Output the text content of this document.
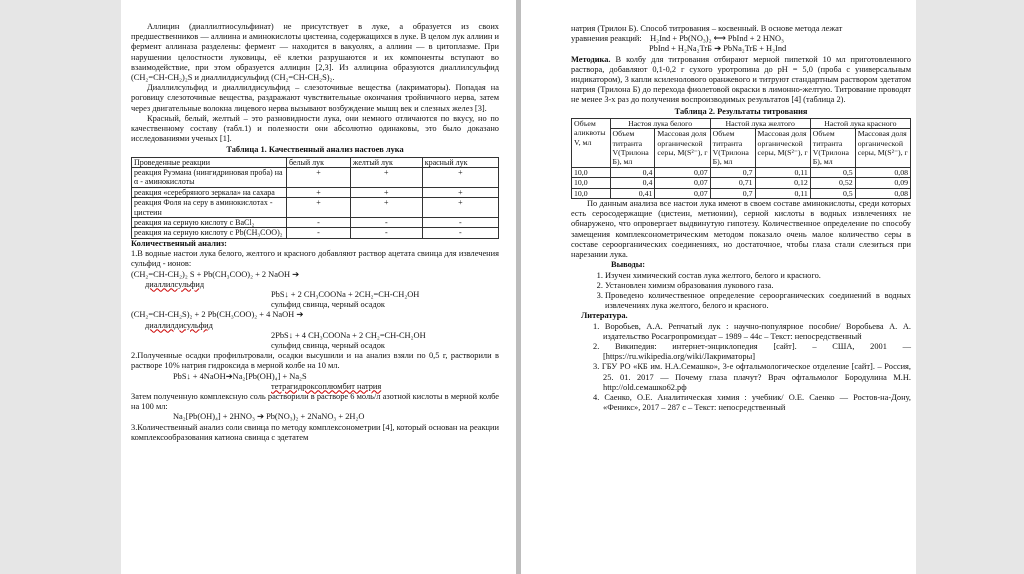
Аллицин (диаллилтиосульфинат) не присутствует в луке, а образуется из своих предшественников — аллиина и аминокислоты цистеина, содержащихся в луке. В целом лук аллиин и фермент аллиназа разделены: фермент — находится в вакуолях, а аллиин — в цитоплазме. При нарушении целостности луковицы, её клетки разрушаются и их компоненты вступают во взаимодействие, при этом образуется аллицин [2,3]. Из аллицина образуются диаллилсульфид (CH₂=CH-CH₂)₂S и диаллилдисульфид (CH₂=CH-CH₂S)₂.

Диаллилсульфид и диаллилдисульфид – слезоточивые вещества (лакриматоры). Попадая на роговицу слезоточивые вещества, раздражают чувствительные окончания тройничного нерва, затем через двигательные волокна лицевого нерва вызывают возбуждение мышц век и слезных желез [3].

Красный, белый, желтый – это разновидности лука, они немного отличаются по вкусу, но по качественному составу (табл.1) и полезности они абсолютно одинаковы, это было доказано исследованиями ученых [1].

Таблица 1. Качественный анализ настоев лука
Проведенные реакции	белый лук	желтый лук	красный лук
реакция Руэмана (нингидриновая проба) на α - аминокислоты	+	+	+
реакция «серебряного зеркала» на сахара	+	+	+
реакция Фоля на серу в аминокислотах - цистеин	+	+	+
реакция на серную кислоту с BaCl₂	-	-	-
реакция на серную кислоту с Pb(CH₃COO)₂	-	-	-

Количественный анализ:

1.В водные настои лука белого, желтого и красного добавляют раствор ацетата свинца для извлечения сульфид - ионов:

(CH₂=CH-CH₂)₂ S + Pb(CH₃COO)₂ + 2 NaOH ➔

диаллилсульфид

PbS↓ + 2 CH₃COONa + 2CH₂=CH-CH₂OH

сульфид свинца, черный осадок

(CH₂=CH-CH₂S)₂ + 2 Pb(CH₃COO)₂ + 4 NaOH ➔

диаллилдисульфид

2PbS↓ + 4 CH₃COONa + 2 CH₂=CH-CH₂OH

сульфид свинца, черный осадок

2.Полученные осадки профильтровали, осадки высушили и на анализ взяли по 0,5 г, растворили в растворе 10% натрия гидроксида в мерной колбе на 10 мл.

PbS↓ + 4NaOH➔Na₂[Pb(OH)₄] + Na₂S

тетрагидроксоплюмбит натрия

Затем полученную комплексную соль растворили в растворе 6 моль/л азотной кислоты в мерной колбе на 100 мл:

Na₂[Pb(OH)₄] + 2HNO₃ ➔ Pb(NO₃)₂ + 2NaNO₃ + 2H₂O

3.Количественный анализ соли свинца по методу комплексонометрии [4], который основан на реакции комплексообразования катиона свинца с эдетатем

натрия (Трилон Б). Способ титрования – косвенный. В основе метода лежат

уравнения реакций: H₂Ind + Pb(NO₃)₂ ⟷ PbInd + 2 HNO₃

PbInd + H₂Na₂TrБ ➔ PbNa₂TrБ + H₂Ind

Методика. В колбу для титрования отбирают мерной пипеткой 10 мл приготовленного раствора, добавляют 0,1-0,2 г сухого уротропина до pH = 5,0 (проба с универсальным индикатором), 3 капли ксиленолового оранжевого и титруют стандартным раствором эдетатом натрия (Трилона Б) до перехода фиолетовой окраски в лимонно-желтую. Титрование проводят не менее 3-х раз до получения воспроизводимых результатов [4] (таблица 2).

Таблица 2. Результаты титрования
Объем аликвоты V, мл	Настоя лука белого		Настой лука желтого		Настой лука красного	
	Объем титранта V(Трилона Б), мл	Массовая доля органической серы, M(S²⁻), г	Объем титранта V(Трилона Б), мл	Массовая доля органической серы, M(S²⁻), г	Объем титранта V(Трилона Б), мл	Массовая доля органической серы, M(S²⁻), г
10,0	0,4	0,07	0,7	0,11	0,5	0,08
10,0	0,4	0,07	0,71	0,12	0,52	0,09
10,0	0,41	0,07	0,7	0,11	0,5	0,08

По данным анализа все настои лука имеют в своем составе аминокислоты, среди которых есть серосодержащие (цистеин, метионин), серной кислоты в водных извлечениях не обнаружено, что опровергает выдвинутую гипотезу. Количественное определение по способу замещения комплексонометрическим методом показало очень малое количество серы в составе сероорганических соединениях, но достаточное, чтобы глаза стали слезиться при нарезании лука.

Выводы:

1. Изучен химический состав лука желтого, белого и красного.
2. Установлен химизм образования лукового газа.
3. Проведено количественное определение сероорганических соединений в водных извлечениях лука желтого, белого и красного.

Литература.

1. Воробьев, А.А. Репчатый лук : научно-популярное пособие/ Воробьева А. А. издательство Росагропромиздат – 1989 – 44с – Текст: непосредственный
2. Википедия: интернет-энциклопедия [сайт]. – США, 2001 — [https://ru.wikipedia.org/wiki/Лакриматоры]
3. ГБУ РО «КБ им. Н.А.Семашко», 3-е офтальмологическое отделение [сайт]. – Россия, 25. 01. 2017 — Почему глаза плачут? Врач офтальмолог Бородулина М.Н. http://old.семашко62.рф
4. Саенко, О.Е. Аналитическая химия : учебник/ О.Е. Саенко — Ростов-на-Дону, «Феникс», 2017 – 287 с – Текст: непосредственный
